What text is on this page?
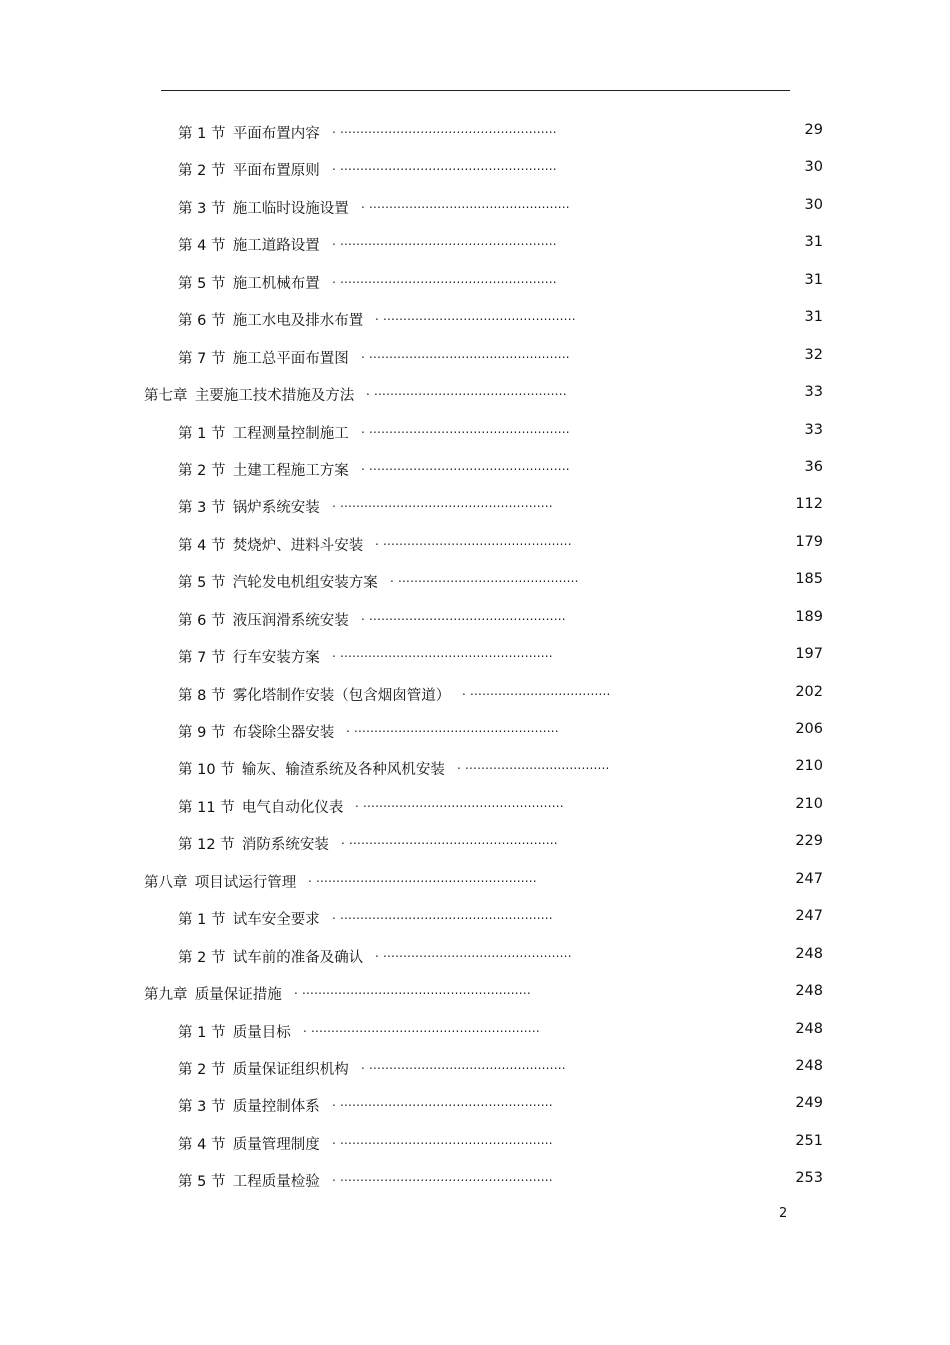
第 1 节  平面布置内容 . ......................................................	29
第 2 节  平面布置原则 . ......................................................	30
第 3 节  施工临时设施设置 . ..................................................	30
第 4 节  施工道路设置 . ......................................................	31
第 5 节  施工机械布置 . ......................................................	31
第 6 节  施工水电及排水布置 . ................................................	31
第 7 节  施工总平面布置图 . ..................................................	32
第七章  主要施工技术措施及方法 . ................................................	33
第 1 节  工程测量控制施工 . ..................................................	33
第 2 节  土建工程施工方案 . ..................................................	36
第 3 节  锅炉系统安装 . .....................................................	112
第 4 节  焚烧炉、进料斗安装 . ...............................................	179
第 5 节  汽轮发电机组安装方案 . .............................................	185
第 6 节  液压润滑系统安装 . .................................................	189
第 7 节  行车安装方案 . .....................................................	197
第 8 节  雾化塔制作安装（包含烟囱管道） . ...................................	202
第 9 节  布袋除尘器安装 . ...................................................	206
第 10 节  输灰、输渣系统及各种风机安装 . ....................................	210
第 11 节  电气自动化仪表 . ..................................................	210
第 12 节  消防系统安装 . ....................................................	229
第八章  项目试运行管理 . .......................................................	247
第 1 节  试车安全要求 . .....................................................	247
第 2 节  试车前的准备及确认 . ...............................................	248
第九章  质量保证措施 . .........................................................	248
第 1 节  质量目标 . .........................................................	248
第 2 节  质量保证组织机构 . .................................................	248
第 3 节  质量控制体系 . .....................................................	249
第 4 节  质量管理制度 . .....................................................	251
第 5 节  工程质量检验 . .....................................................	253
2
